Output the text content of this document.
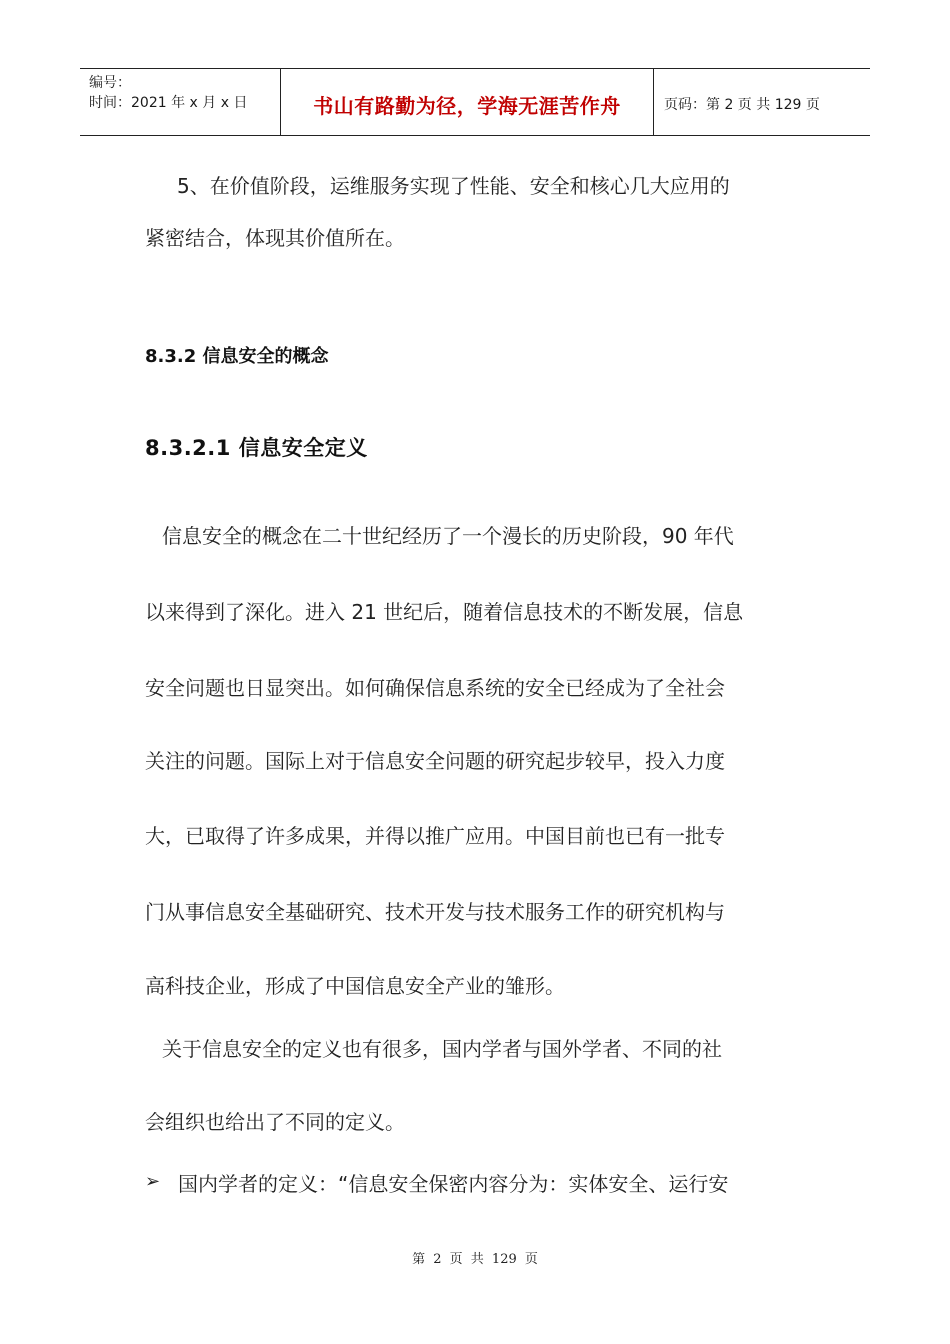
编号：
时间：2021 年 x 月 x 日	书山有路勤为径，学海无涯苦作舟	页码：第 2 页 共 129 页
5、在价值阶段，运维服务实现了性能、安全和核心几大应用的
紧密结合，体现其价值所在。
8.3.2 信息安全的概念
8.3.2.1 信息安全定义
信息安全的概念在二十世纪经历了一个漫长的历史阶段，90 年代
以来得到了深化。进入 21 世纪后，随着信息技术的不断发展，信息
安全问题也日显突出。如何确保信息系统的安全已经成为了全社会
关注的问题。国际上对于信息安全问题的研究起步较早，投入力度
大，已取得了许多成果，并得以推广应用。中国目前也已有一批专
门从事信息安全基础研究、技术开发与技术服务工作的研究机构与
高科技企业，形成了中国信息安全产业的雏形。
关于信息安全的定义也有很多，国内学者与国外学者、不同的社
会组织也给出了不同的定义。
➢ 国内学者的定义：“信息安全保密内容分为：实体安全、运行安
第 2 页 共 129 页
